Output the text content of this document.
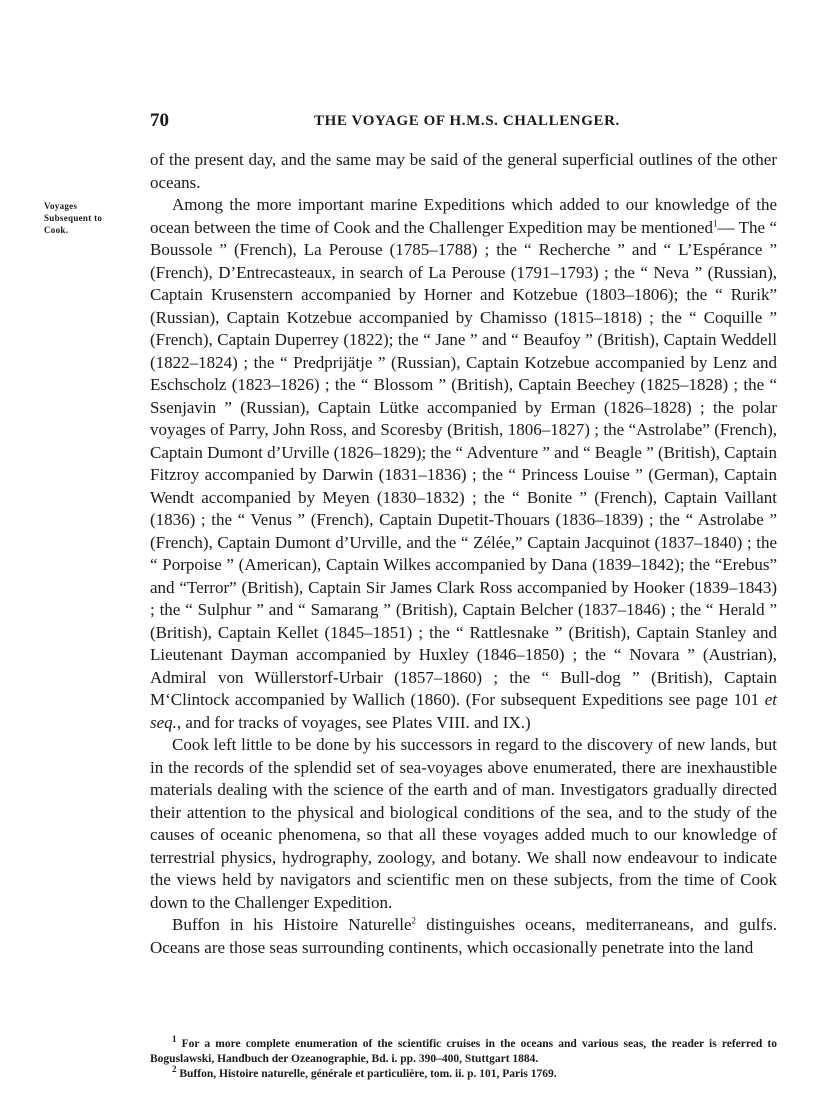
70	THE VOYAGE OF H.M.S. CHALLENGER.
Voyages
Subsequent to
Cook.

of the present day, and the same may be said of the general superficial outlines of the other oceans.

Among the more important marine Expeditions which added to our knowledge of the ocean between the time of Cook and the Challenger Expedition may be mentioned$^1$— The “ Boussole ” (French), La Perouse (1785–1788) ; the “ Recherche ” and “ L’Espérance ” (French), D’Entrecasteaux, in search of La Perouse (1791–1793) ; the “ Neva ” (Russian), Captain Krusenstern accompanied by Horner and Kotzebue (1803–1806); the “ Rurik” (Russian), Captain Kotzebue accompanied by Chamisso (1815–1818) ; the “ Coquille ” (French), Captain Duperrey (1822); the “ Jane ” and “ Beaufoy ” (British), Captain Weddell (1822–1824) ; the “ Predprijätje ” (Russian), Captain Kotzebue accompanied by Lenz and Eschscholz (1823–1826) ; the “ Blossom ” (British), Captain Beechey (1825–1828) ; the “ Ssenjavin ” (Russian), Captain Lütke accompanied by Erman (1826–1828) ; the polar voyages of Parry, John Ross, and Scoresby (British, 1806–1827) ; the “Astrolabe” (French), Captain Dumont d’Urville (1826–1829); the “ Adventure ” and “ Beagle ” (British), Captain Fitzroy accompanied by Darwin (1831–1836) ; the “ Princess Louise ” (German), Captain Wendt accompanied by Meyen (1830–1832) ; the “ Bonite ” (French), Captain Vaillant (1836) ; the “ Venus ” (French), Captain Dupetit-Thouars (1836–1839) ; the “ Astrolabe ” (French), Captain Dumont d’Urville, and the “ Zélée,” Captain Jacquinot (1837–1840) ; the “ Porpoise ” (American), Captain Wilkes accompanied by Dana (1839–1842); the “Erebus” and “Terror” (British), Captain Sir James Clark Ross accompanied by Hooker (1839–1843) ; the “ Sulphur ” and “ Samarang ” (British), Captain Belcher (1837–1846) ; the “ Herald ” (British), Captain Kellet (1845–1851) ; the “ Rattlesnake ” (British), Captain Stanley and Lieutenant Dayman accompanied by Huxley (1846–1850) ; the “ Novara ” (Austrian), Admiral von Wüllerstorf-Urbair (1857–1860) ; the “ Bull-dog ” (British), Captain M‘Clintock accompanied by Wallich (1860). (For subsequent Expeditions see page 101 et seq., and for tracks of voyages, see Plates VIII. and IX.)

Cook left little to be done by his successors in regard to the discovery of new lands, but in the records of the splendid set of sea-voyages above enumerated, there are inexhaustible materials dealing with the science of the earth and of man. Investigators gradually directed their attention to the physical and biological conditions of the sea, and to the study of the causes of oceanic phenomena, so that all these voyages added much to our knowledge of terrestrial physics, hydrography, zoology, and botany. We shall now endeavour to indicate the views held by navigators and scientific men on these subjects, from the time of Cook down to the Challenger Expedition.

Buffon in his Histoire Naturelle$^2$ distinguishes oceans, mediterraneans, and gulfs. Oceans are those seas surrounding continents, which occasionally penetrate into the land

$^1$ For a more complete enumeration of the scientific cruises in the oceans and various seas, the reader is referred to Boguslawski, Handbuch der Ozeanographie, Bd. i. pp. 390–400, Stuttgart 1884.

$^2$ Buffon, Histoire naturelle, générale et particulière, tom. ii. p. 101, Paris 1769.
